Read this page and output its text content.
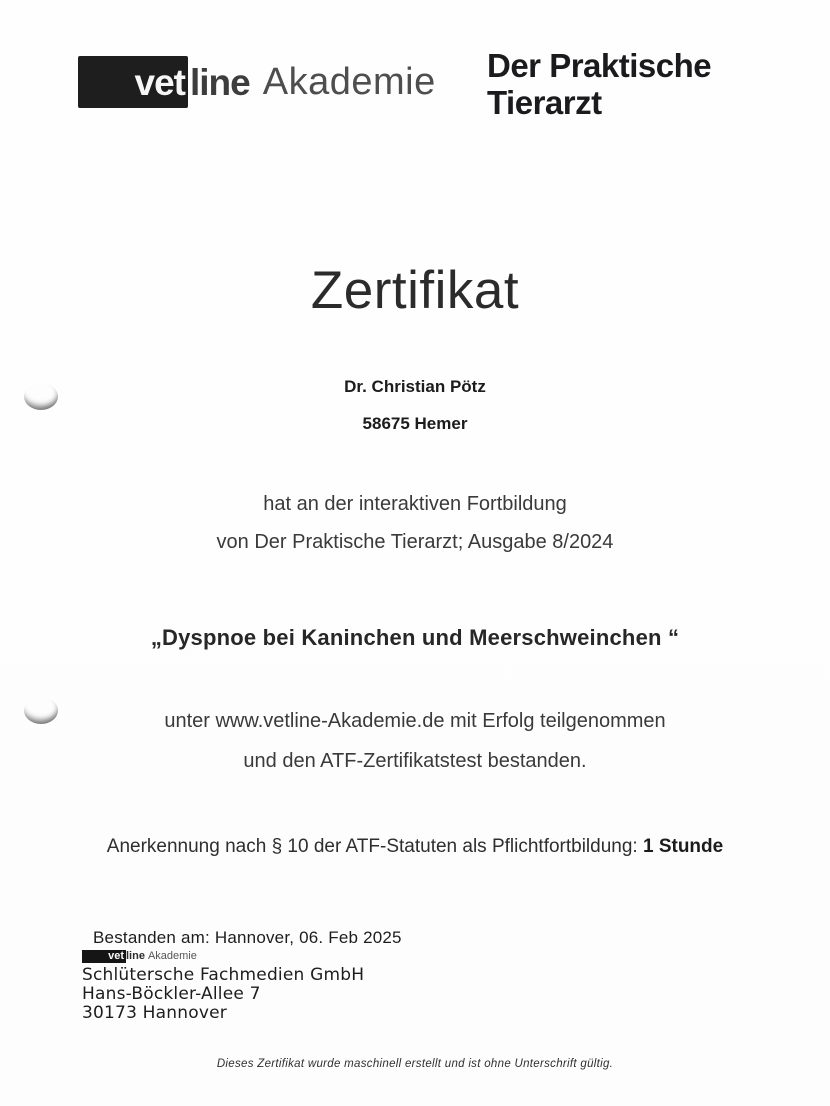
vet line Akademie Der Praktische
Tierarzt
Zertifikat
Dr. Christian Pötz
58675 Hemer
hat an der interaktiven Fortbildung
von Der Praktische Tierarzt; Ausgabe 8/2024
„Dyspnoe bei Kaninchen und Meerschweinchen “
unter www.vetline-Akademie.de mit Erfolg teilgenommen
und den ATF-Zertifikatstest bestanden.
Anerkennung nach § 10 der ATF-Statuten als Pflichtfortbildung: 1 Stunde
Bestanden am: Hannover, 06. Feb 2025
vet line Akademie
Schlütersche Fachmedien GmbH
Hans-Böckler-Allee 7
30173 Hannover
Dieses Zertifikat wurde maschinell erstellt und ist ohne Unterschrift gültig.
